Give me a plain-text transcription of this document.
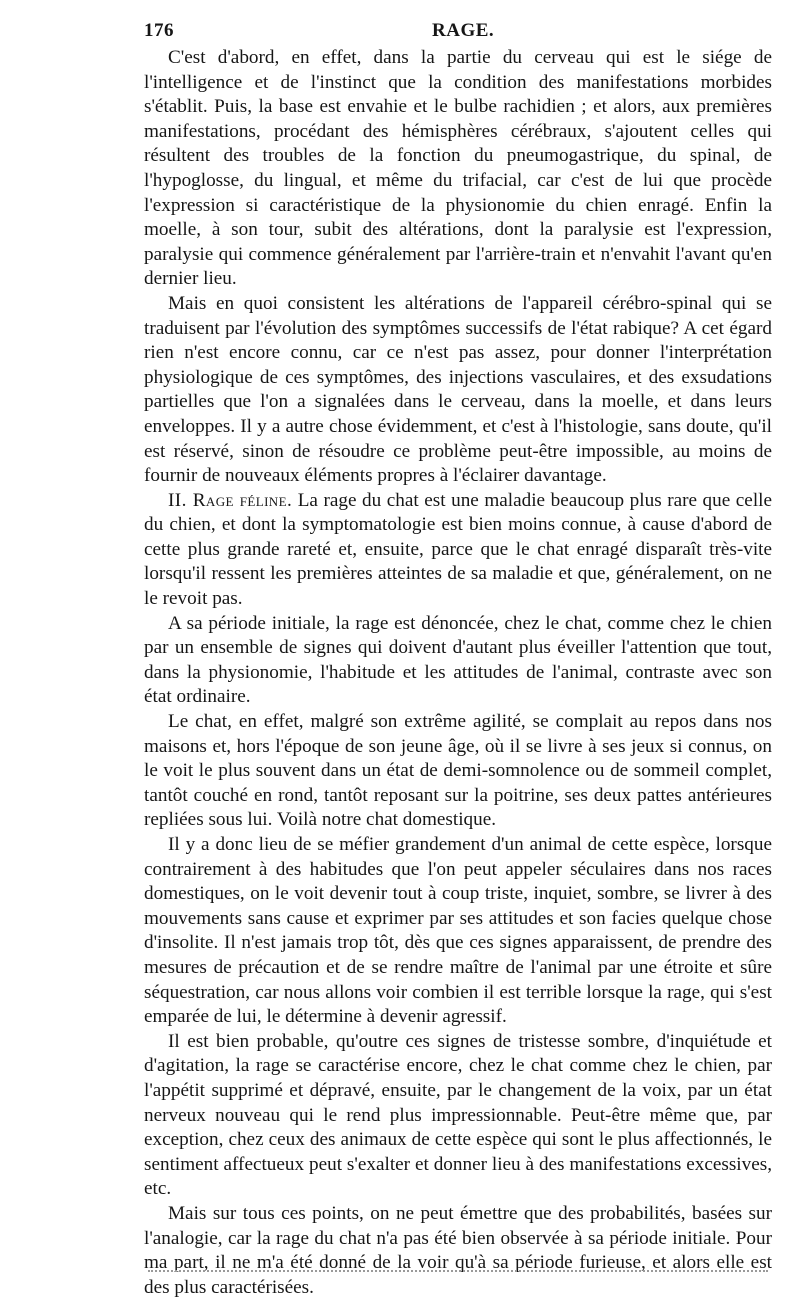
176	RAGE.

C'est d'abord, en effet, dans la partie du cerveau qui est le siége de l'intelligence et de l'instinct que la condition des manifestations morbides s'établit. Puis, la base est envahie et le bulbe rachidien ; et alors, aux premières manifestations, procédant des hémisphères cérébraux, s'ajoutent celles qui résultent des troubles de la fonction du pneumogastrique, du spinal, de l'hypoglosse, du lingual, et même du trifacial, car c'est de lui que procède l'expression si caractéristique de la physionomie du chien enragé. Enfin la moelle, à son tour, subit des altérations, dont la paralysie est l'expression, paralysie qui commence généralement par l'arrière-train et n'envahit l'avant qu'en dernier lieu.

Mais en quoi consistent les altérations de l'appareil cérébro-spinal qui se traduisent par l'évolution des symptômes successifs de l'état rabique? A cet égard rien n'est encore connu, car ce n'est pas assez, pour donner l'interprétation physiologique de ces symptômes, des injections vasculaires, et des exsudations partielles que l'on a signalées dans le cerveau, dans la moelle, et dans leurs enveloppes. Il y a autre chose évidemment, et c'est à l'histologie, sans doute, qu'il est réservé, sinon de résoudre ce problème peut-être impossible, au moins de fournir de nouveaux éléments propres à l'éclairer davantage.

II. Rage féline. La rage du chat est une maladie beaucoup plus rare que celle du chien, et dont la symptomatologie est bien moins connue, à cause d'abord de cette plus grande rareté et, ensuite, parce que le chat enragé disparaît très-vite lorsqu'il ressent les premières atteintes de sa maladie et que, généralement, on ne le revoit pas.

A sa période initiale, la rage est dénoncée, chez le chat, comme chez le chien par un ensemble de signes qui doivent d'autant plus éveiller l'attention que tout, dans la physionomie, l'habitude et les attitudes de l'animal, contraste avec son état ordinaire.

Le chat, en effet, malgré son extrême agilité, se complait au repos dans nos maisons et, hors l'époque de son jeune âge, où il se livre à ses jeux si connus, on le voit le plus souvent dans un état de demi-somnolence ou de sommeil complet, tantôt couché en rond, tantôt reposant sur la poitrine, ses deux pattes antérieures repliées sous lui. Voilà notre chat domestique.

Il y a donc lieu de se méfier grandement d'un animal de cette espèce, lorsque contrairement à des habitudes que l'on peut appeler séculaires dans nos races domestiques, on le voit devenir tout à coup triste, inquiet, sombre, se livrer à des mouvements sans cause et exprimer par ses attitudes et son facies quelque chose d'insolite. Il n'est jamais trop tôt, dès que ces signes apparaissent, de prendre des mesures de précaution et de se rendre maître de l'animal par une étroite et sûre séquestration, car nous allons voir combien il est terrible lorsque la rage, qui s'est emparée de lui, le détermine à devenir agressif.

Il est bien probable, qu'outre ces signes de tristesse sombre, d'inquiétude et d'agitation, la rage se caractérise encore, chez le chat comme chez le chien, par l'appétit supprimé et dépravé, ensuite, par le changement de la voix, par un état nerveux nouveau qui le rend plus impressionnable. Peut-être même que, par exception, chez ceux des animaux de cette espèce qui sont le plus affectionnés, le sentiment affectueux peut s'exalter et donner lieu à des manifestations excessives, etc.

Mais sur tous ces points, on ne peut émettre que des probabilités, basées sur l'analogie, car la rage du chat n'a pas été bien observée à sa période initiale. Pour ma part, il ne m'a été donné de la voir qu'à sa période furieuse, et alors elle est des plus caractérisées.
